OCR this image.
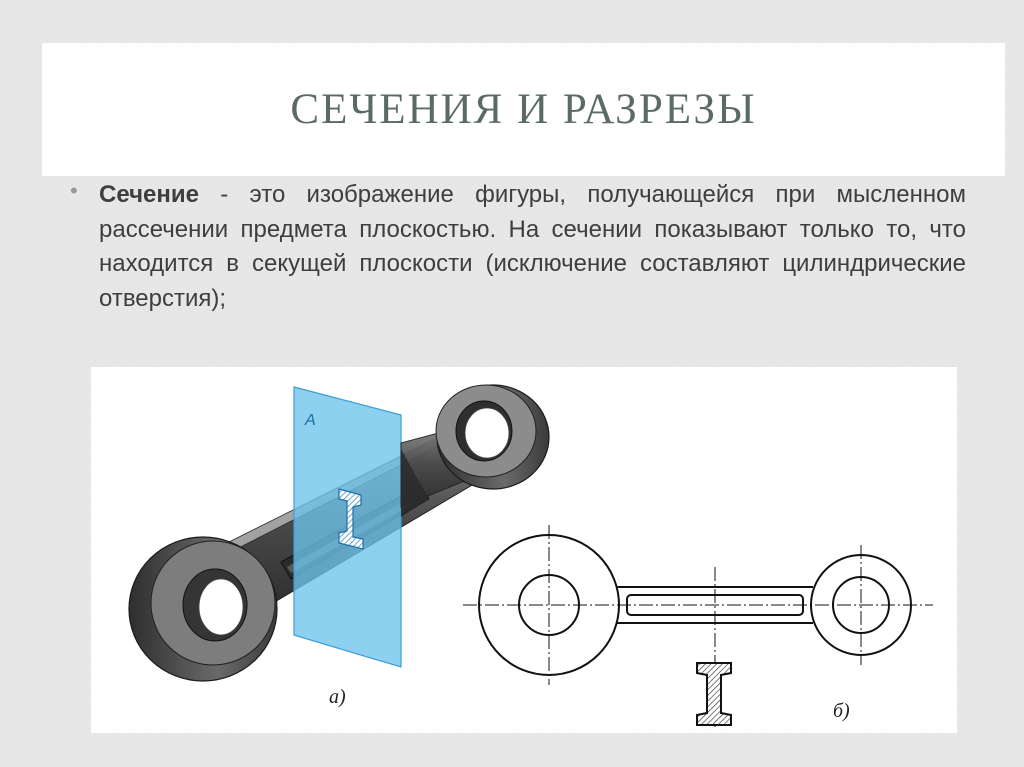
СЕЧЕНИЯ И РАЗРЕЗЫ
• Сечение - это изображение фигуры, получающейся при мысленном рассечении предмета плоскостью. На сечении показывают только то, что находится в секущей плоскости (исключение составляют цилиндрические отверстия);
A
а)
б)
